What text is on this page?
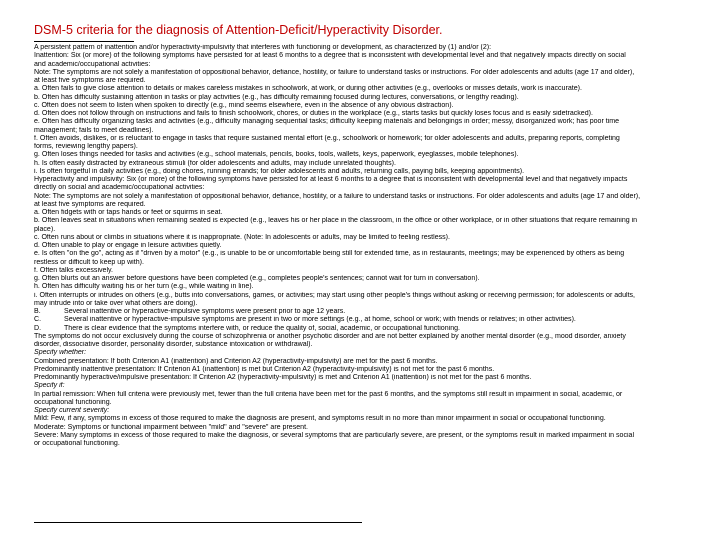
DSM-5 criteria for the diagnosis of Attention-Deficit/Hyperactivity Disorder.
A persistent pattern of inattention and/or hyperactivity-impulsivity that interferes with functioning or development, as characterized by (1) and/or (2):
Inattention: Six (or more) of the following symptoms have persisted for at least 6 months to a degree that is inconsistent with developmental level and that negatively impacts directly on social
and academic/occupational activities:
Note: The symptoms are not solely a manifestation of oppositional behavior, defiance, hostility, or failure to understand tasks or instructions. For older adolescents and adults (age 17 and older),
at least five symptoms are required.
a. Often fails to give close attention to details or makes careless mistakes in schoolwork, at work, or during other activities (e.g., overlooks or misses details, work is inaccurate).
b. Often has difficulty sustaining attention in tasks or play activities (e.g., has difficulty remaining focused during lectures, conversations, or lengthy reading).
c. Often does not seem to listen when spoken to directly (e.g., mind seems elsewhere, even in the absence of any obvious distraction).
d. Often does not follow through on instructions and fails to finish schoolwork, chores, or duties in the workplace (e.g., starts tasks but quickly loses focus and is easily sidetracked).
e. Often has difficulty organizing tasks and activities (e.g., difficulty managing sequential tasks; difficulty keeping materials and belongings in order; messy, disorganized work; has poor time
management; fails to meet deadlines).
f. Often avoids, dislikes, or is reluctant to engage in tasks that require sustained mental effort (e.g., schoolwork or homework; for older adolescents and adults, preparing reports, completing
forms, reviewing lengthy papers).
g. Often loses things needed for tasks and activities (e.g., school materials, pencils, books, tools, wallets, keys, paperwork, eyeglasses, mobile telephones).
h. Is often easily distracted by extraneous stimuli (for older adolescents and adults, may include unrelated thoughts).
i. Is often forgetful in daily activities (e.g., doing chores, running errands; for older adolescents and adults, returning calls, paying bills, keeping appointments).
Hyperactivity and impulsivity: Six (or more) of the following symptoms have persisted for at least 6 months to a degree that is inconsistent with developmental level and that negatively impacts
directly on social and academic/occupational activities:
Note: The symptoms are not solely a manifestation of oppositional behavior, defiance, hostility, or a failure to understand tasks or instructions. For older adolescents and adults (age 17 and older),
at least five symptoms are required.
a. Often fidgets with or taps hands or feet or squirms in seat.
b. Often leaves seat in situations when remaining seated is expected (e.g., leaves his or her place in the classroom, in the office or other workplace, or in other situations that require remaining in
place).
c. Often runs about or climbs in situations where it is inappropriate. (Note: In adolescents or adults, may be limited to feeling restless).
d. Often unable to play or engage in leisure activities quietly.
e. Is often "on the go", acting as if "driven by a motor" (e.g., is unable to be or uncomfortable being still for extended time, as in restaurants, meetings; may be experienced by others as being
restless or difficult to keep up with).
f. Often talks excessively.
g. Often blurts out an answer before questions have been completed (e.g., completes people's sentences; cannot wait for turn in conversation).
h. Often has difficulty waiting his or her turn (e.g., while waiting in line).
i. Often interrupts or intrudes on others (e.g., butts into conversations, games, or activities; may start using other people's things without asking or receiving permission; for adolescents or adults,
may intrude into or take over what others are doing).
B.	Several inattentive or hyperactive-impulsive symptoms were present prior to age 12 years.
C.	Several inattentive or hyperactive-impulsive symptoms are present in two or more settings (e.g., at home, school or work; with friends or relatives; in other activities).
D.	There is clear evidence that the symptoms interfere with, or reduce the quality of, social, academic, or occupational functioning.
The symptoms do not occur exclusively during the course of schizophrenia or another psychotic disorder and are not better explained by another mental disorder (e.g., mood disorder, anxiety
disorder, dissociative disorder, personality disorder, substance intoxication or withdrawal).
Specify whether:
Combined presentation: If both Criterion A1 (inattention) and Criterion A2 (hyperactivity-impulsivity) are met for the past 6 months.
Predominantly inattentive presentation: If Criterion A1 (inattention) is met but Criterion A2 (hyperactivity-impulsivity) is not met for the past 6 months.
Predominantly hyperactive/impulsive presentation: If Criterion A2 (hyperactivity-impulsivity) is met and Criterion A1 (inattention) is not met for the past 6 months.
Specify if:
In partial remission: When full criteria were previously met, fewer than the full criteria have been met for the past 6 months, and the symptoms still result in impairment in social, academic, or
occupational functioning.
Specify current severity:
Mild: Few, if any, symptoms in excess of those required to make the diagnosis are present, and symptoms result in no more than minor impairment in social or occupational functioning.
Moderate: Symptoms or functional impairment between "mild" and "severe" are present.
Severe: Many symptoms in excess of those required to make the diagnosis, or several symptoms that are particularly severe, are present, or the symptoms result in marked impairment in social
or occupational functioning.
